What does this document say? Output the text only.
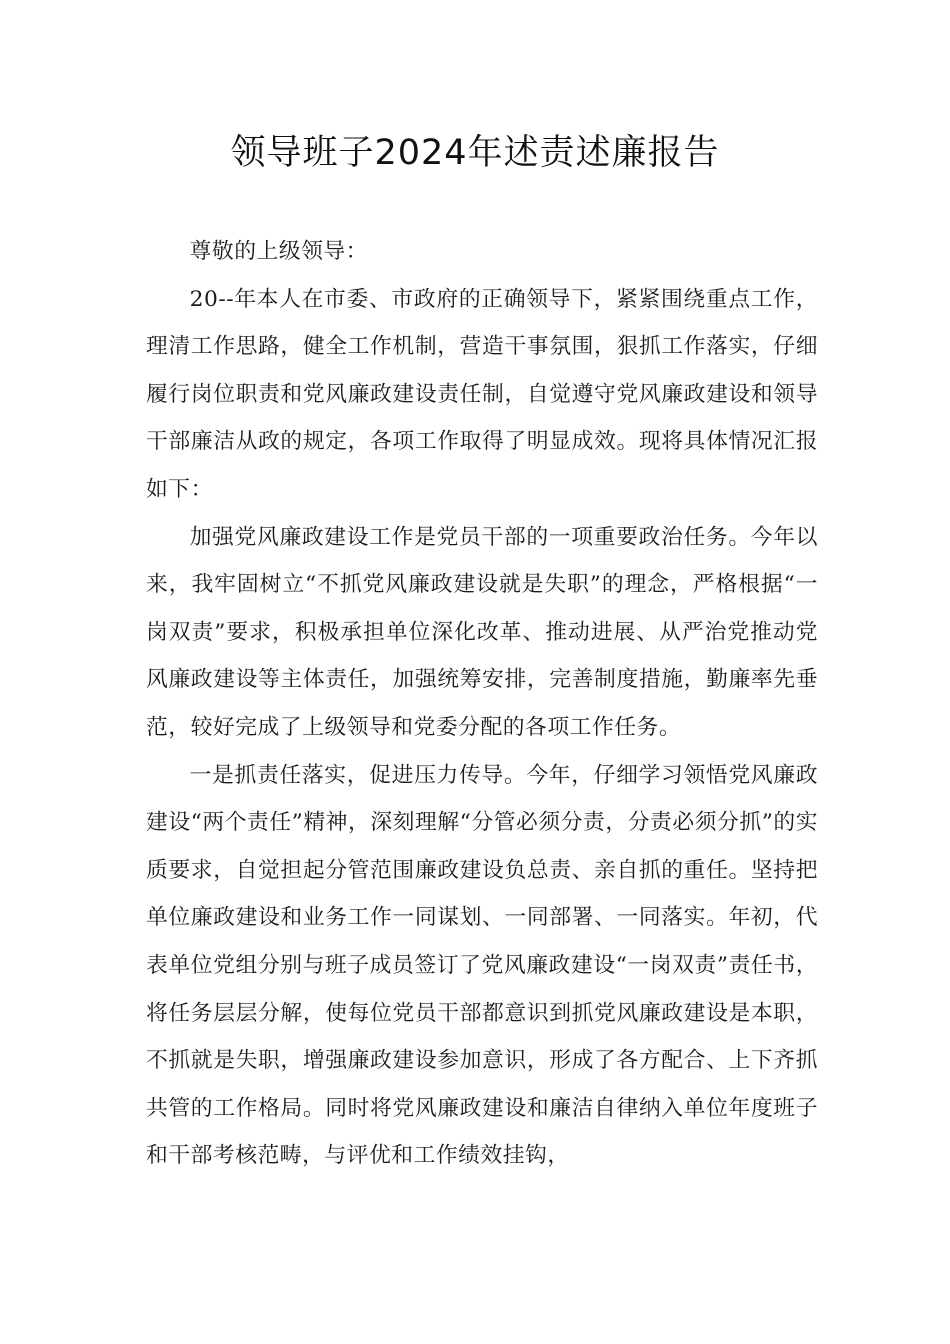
领导班子2024年述责述廉报告

尊敬的上级领导：

20--年本人在市委、市政府的正确领导下，紧紧围绕重点工作，理清工作思路，健全工作机制，营造干事氛围，狠抓工作落实，仔细履行岗位职责和党风廉政建设责任制，自觉遵守党风廉政建设和领导干部廉洁从政的规定，各项工作取得了明显成效。现将具体情况汇报如下：

加强党风廉政建设工作是党员干部的一项重要政治任务。今年以来，我牢固树立“不抓党风廉政建设就是失职”的理念，严格根据“一岗双责”要求，积极承担单位深化改革、推动进展、从严治党推动党风廉政建设等主体责任，加强统筹安排，完善制度措施，勤廉率先垂范，较好完成了上级领导和党委分配的各项工作任务。

一是抓责任落实，促进压力传导。今年，仔细学习领悟党风廉政建设“两个责任”精神，深刻理解“分管必须分责，分责必须分抓”的实质要求，自觉担起分管范围廉政建设负总责、亲自抓的重任。坚持把单位廉政建设和业务工作一同谋划、一同部署、一同落实。年初，代表单位党组分别与班子成员签订了党风廉政建设“一岗双责”责任书，将任务层层分解，使每位党员干部都意识到抓党风廉政建设是本职，不抓就是失职，增强廉政建设参加意识，形成了各方配合、上下齐抓共管的工作格局。同时将党风廉政建设和廉洁自律纳入单位年度班子和干部考核范畴，与评优和工作绩效挂钩，
